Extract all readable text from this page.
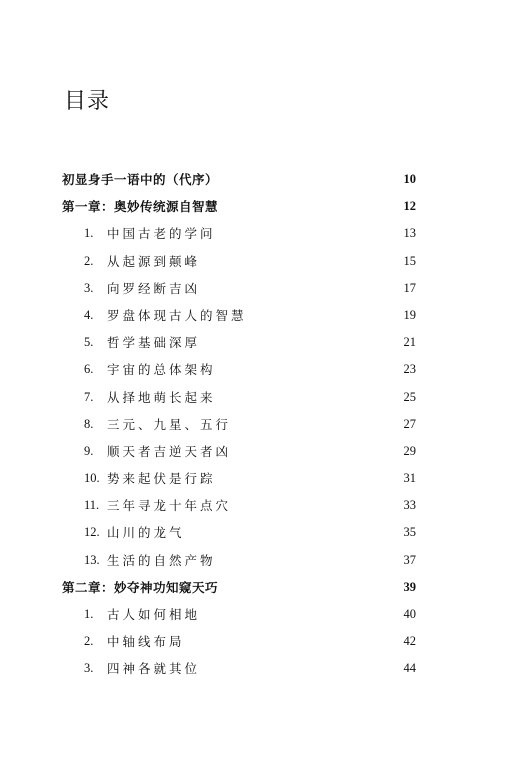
目录
初显身手一语中的（代序）	10
第一章：奥妙传统源自智慧	12
1. 中国古老的学问	13
2. 从起源到颠峰	15
3. 向罗经断吉凶	17
4. 罗盘体现古人的智慧	19
5. 哲学基础深厚	21
6. 宇宙的总体架构	23
7. 从择地萌长起来	25
8. 三元、九星、五行	27
9. 顺天者吉逆天者凶	29
10. 势来起伏是行踪	31
11. 三年寻龙十年点穴	33
12. 山川的龙气	35
13. 生活的自然产物	37
第二章：妙夺神功知窥天巧	39
1. 古人如何相地	40
2. 中轴线布局	42
3. 四神各就其位	44
